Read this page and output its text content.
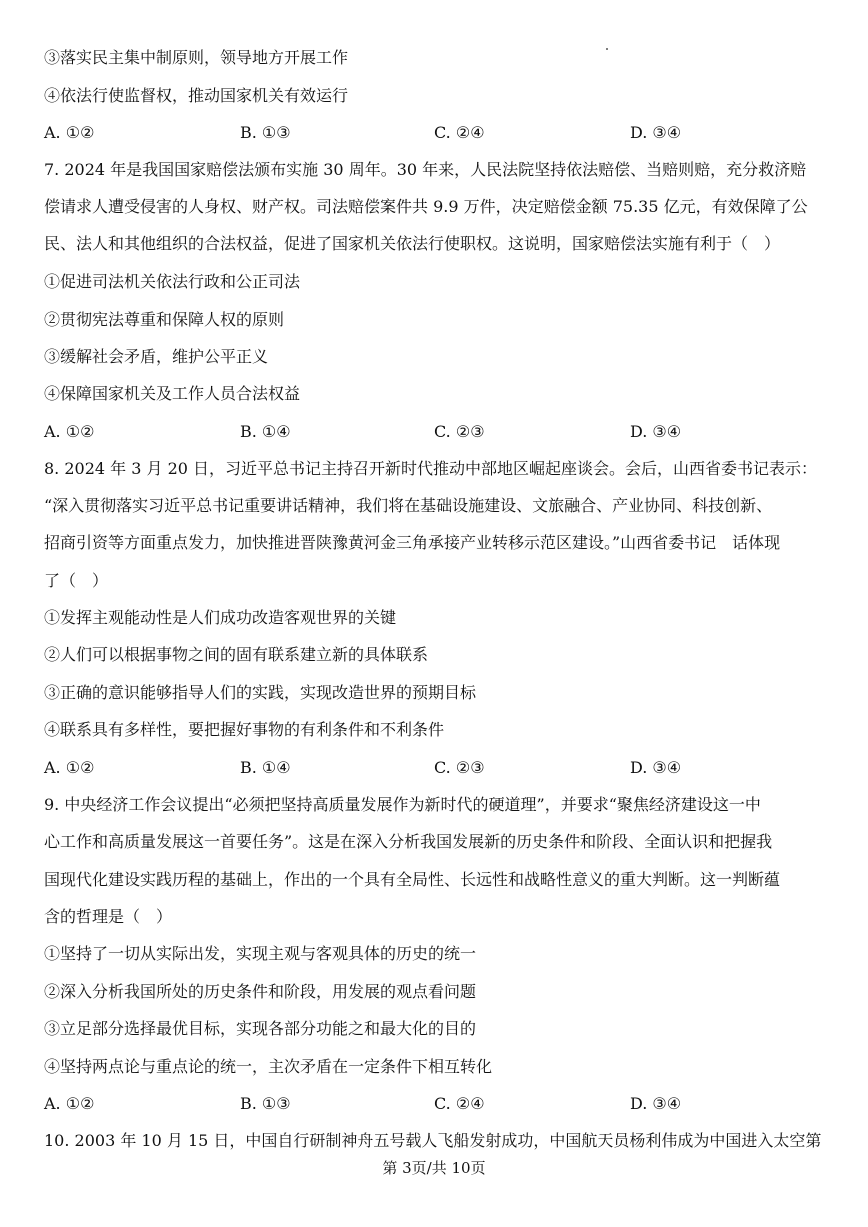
③落实民主集中制原则，领导地方开展工作
④依法行使监督权，推动国家机关有效运行
A. ①②	B. ①③	C. ②④	D. ③④
7. 2024 年是我国国家赔偿法颁布实施 30 周年。30 年来，人民法院坚持依法赔偿、当赔则赔，充分救济赔
偿请求人遭受侵害的人身权、财产权。司法赔偿案件共 9.9 万件，决定赔偿金额 75.35 亿元，有效保障了公
民、法人和其他组织的合法权益，促进了国家机关依法行使职权。这说明，国家赔偿法实施有利于（　）
①促进司法机关依法行政和公正司法
②贯彻宪法尊重和保障人权的原则
③缓解社会矛盾，维护公平正义
④保障国家机关及工作人员合法权益
A. ①②	B. ①④	C. ②③	D. ③④
8. 2024 年 3 月 20 日，习近平总书记主持召开新时代推动中部地区崛起座谈会。会后，山西省委书记表示：
“深入贯彻落实习近平总书记重要讲话精神，我们将在基础设施建设、文旅融合、产业协同、科技创新、
招商引资等方面重点发力，加快推进晋陕豫黄河金三角承接产业转移示范区建设。”山西省委书记　话体现
了（　）
①发挥主观能动性是人们成功改造客观世界的关键
②人们可以根据事物之间的固有联系建立新的具体联系
③正确的意识能够指导人们的实践，实现改造世界的预期目标
④联系具有多样性，要把握好事物的有利条件和不利条件
A. ①②	B. ①④	C. ②③	D. ③④
9. 中央经济工作会议提出“必须把坚持高质量发展作为新时代的硬道理”，并要求“聚焦经济建设这一中
心工作和高质量发展这一首要任务”。这是在深入分析我国发展新的历史条件和阶段、全面认识和把握我
国现代化建设实践历程的基础上，作出的一个具有全局性、长远性和战略性意义的重大判断。这一判断蕴
含的哲理是（　）
①坚持了一切从实际出发，实现主观与客观具体的历史的统一
②深入分析我国所处的历史条件和阶段，用发展的观点看问题
③立足部分选择最优目标，实现各部分功能之和最大化的目的
④坚持两点论与重点论的统一，主次矛盾在一定条件下相互转化
A. ①②	B. ①③	C. ②④	D. ③④
10. 2003 年 10 月 15 日，中国自行研制神舟五号载人飞船发射成功，中国航天员杨利伟成为中国进入太空第
第 3页/共 10页
